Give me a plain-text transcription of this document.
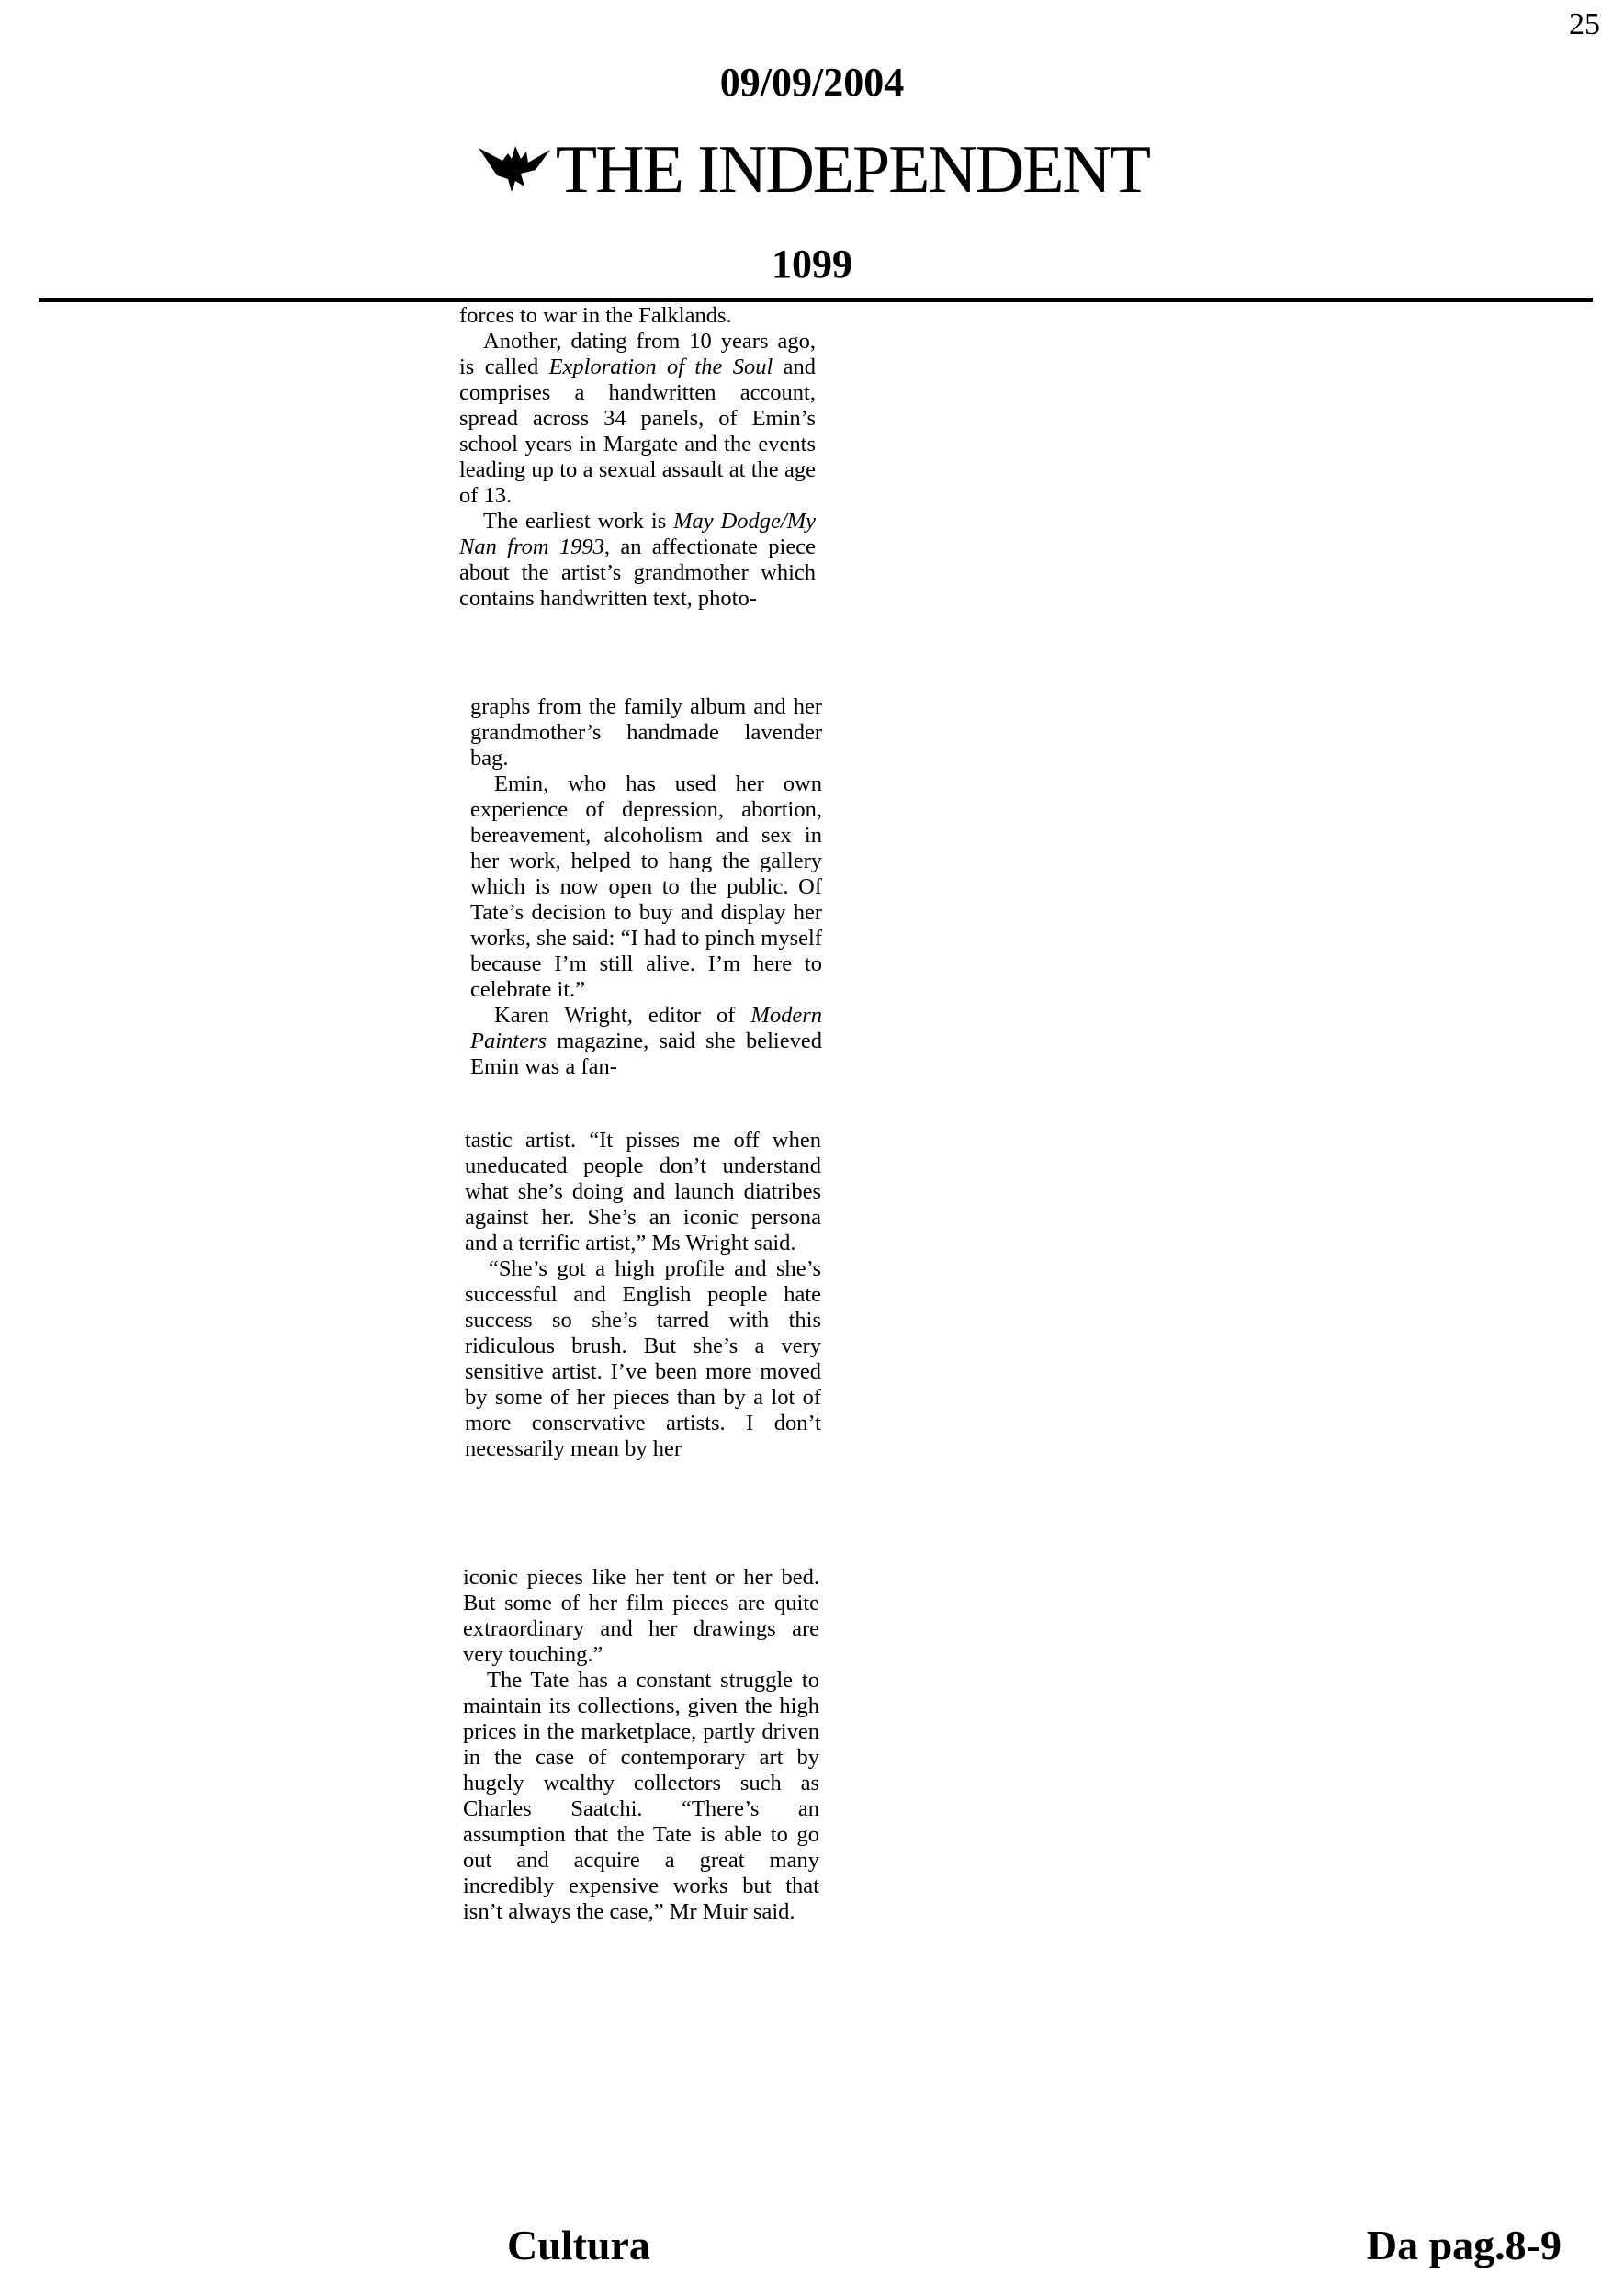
25
09/09/2004
THE INDEPENDENT
1099

forces to war in the Falklands.

Another, dating from 10 years ago, is called Exploration of the Soul and comprises a handwritten account, spread across 34 panels, of Emin’s school years in Margate and the events leading up to a sexual assault at the age of 13.

The earliest work is May Dodge/My Nan from 1993, an affectionate piece about the artist’s grandmother which contains handwritten text, photo-

graphs from the family album and her grandmother’s handmade lavender bag.

Emin, who has used her own experience of depression, abortion, bereavement, alcoholism and sex in her work, helped to hang the gallery which is now open to the public. Of Tate’s decision to buy and display her works, she said: “I had to pinch myself because I’m still alive. I’m here to celebrate it.”

Karen Wright, editor of Modern Painters magazine, said she believed Emin was a fan-

tastic artist. “It pisses me off when uneducated people don’t understand what she’s doing and launch diatribes against her. She’s an iconic persona and a terrific artist,” Ms Wright said.

“She’s got a high profile and she’s successful and English people hate success so she’s tarred with this ridiculous brush. But she’s a very sensitive artist. I’ve been more moved by some of her pieces than by a lot of more conservative artists. I don’t necessarily mean by her

iconic pieces like her tent or her bed. But some of her film pieces are quite extraordinary and her drawings are very touching.”

The Tate has a constant struggle to maintain its collections, given the high prices in the marketplace, partly driven in the case of contemporary art by hugely wealthy collectors such as Charles Saatchi. “There’s an assumption that the Tate is able to go out and acquire a great many incredibly expensive works but that isn’t always the case,” Mr Muir said.

Cultura	Da pag.8-9
